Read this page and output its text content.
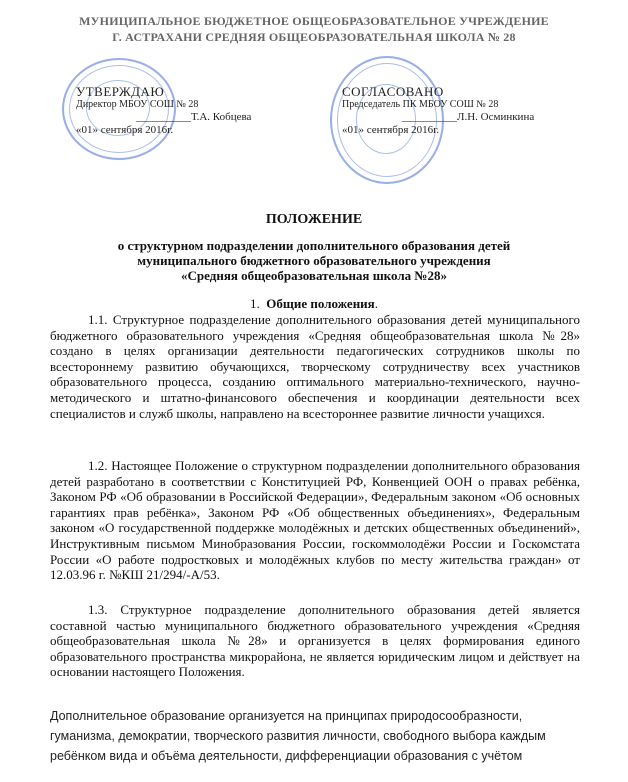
МУНИЦИПАЛЬНОЕ БЮДЖЕТНОЕ ОБЩЕОБРАЗОВАТЕЛЬНОЕ УЧРЕЖДЕНИЕ
Г. АСТРАХАНИ СРЕДНЯЯ ОБЩЕОБРАЗОВАТЕЛЬНАЯ ШКОЛА № 28
УТВЕРЖДАЮ
Директор МБОУ СОШ № 28
__________Т.А. Кобцева
«01» сентября 2016г.
СОГЛАСОВАНО
Председатель ПК МБОУ СОШ № 28
__________Л.Н. Осминкина
«01» сентября 2016г.
ПОЛОЖЕНИЕ
о структурном подразделении дополнительного образования детей
муниципального бюджетного образовательного учреждения
«Средняя общеобразовательная школа №28»
1. Общие положения.
1.1. Структурное подразделение дополнительного образования детей муниципального бюджетного образовательного учреждения «Средняя общеобразовательная школа №28» создано в целях организации деятельности педагогических сотрудников школы по всестороннему развитию обучающихся, творческому сотрудничеству всех участников образовательного процесса, созданию оптимального материально-технического, научно-методического и штатно-финансового обеспечения и координации деятельности всех специалистов и служб школы, направлено на всестороннее развитие личности учащихся.
1.2. Настоящее Положение о структурном подразделении дополнительного образования детей разработано в соответствии с Конституцией РФ, Конвенцией ООН о правах ребёнка, Законом РФ «Об образовании в Российской Федерации», Федеральным законом «Об основных гарантиях прав ребёнка», Законом РФ «Об общественных объединениях», Федеральным законом «О государственной поддержке молодёжных и детских общественных объединений», Инструктивным письмом Минобразования России, госкоммолодёжи России и Госкомстата России «О работе подростковых и молодёжных клубов по месту жительства граждан» от 12.03.96 г. №КШ 21/294/-А/53.
1.3. Структурное подразделение дополнительного образования детей является составной частью муниципального бюджетного образовательного учреждения «Средняя общеобразовательная школа №28» и организуется в целях формирования единого образовательного пространства микрорайона, не является юридическим лицом и действует на основании настоящего Положения.
Дополнительное образование организуется на принципах природосообразности, гуманизма, демократии, творческого развития личности, свободного выбора каждым ребёнком вида и объёма деятельности, дифференциации образования с учётом
